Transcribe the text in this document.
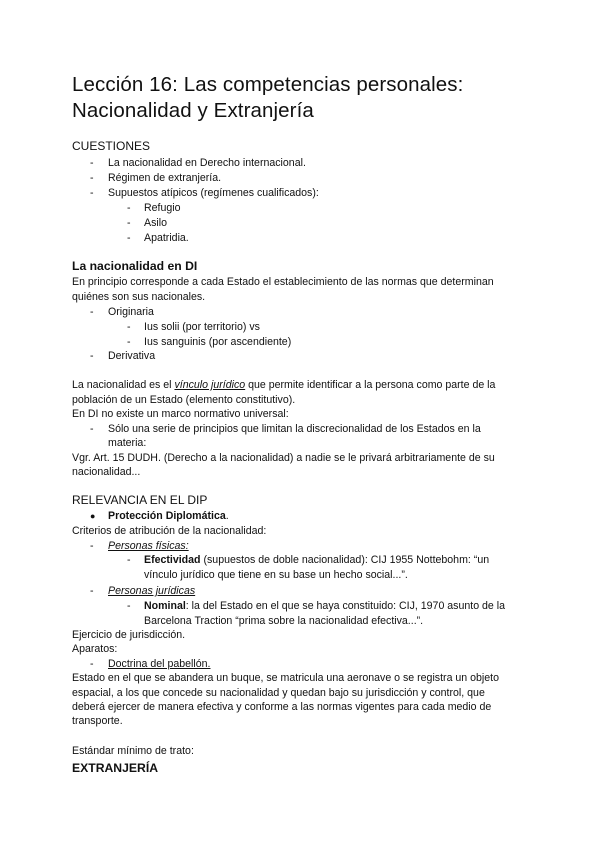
Lección 16: Las competencias personales:
Nacionalidad y Extranjería
CUESTIONES
- La nacionalidad en Derecho internacional.
- Régimen de extranjería.
- Supuestos atípicos (regímenes cualificados):
- Refugio
- Asilo
- Apatridia.
La nacionalidad en DI
En principio corresponde a cada Estado el establecimiento de las normas que determinan
quiénes son sus nacionales.
- Originaria
- Ius solii (por territorio) vs
- Ius sanguinis (por ascendiente)
- Derivativa
La nacionalidad es el vínculo jurídico que permite identificar a la persona como parte de la
población de un Estado (elemento constitutivo).
En DI no existe un marco normativo universal:
- Sólo una serie de principios que limitan la discrecionalidad de los Estados en la
materia:
Vgr. Art. 15 DUDH. (Derecho a la nacionalidad) a nadie se le privará arbitrariamente de su
nacionalidad...
RELEVANCIA EN EL DIP
● Protección Diplomática.
Criterios de atribución de la nacionalidad:
- Personas físicas:
- Efectividad (supuestos de doble nacionalidad): CIJ 1955 Nottebohm: “un
vínculo jurídico que tiene en su base un hecho social...”.
- Personas jurídicas
- Nominal: la del Estado en el que se haya constituido: CIJ, 1970 asunto de la
Barcelona Traction “prima sobre la nacionalidad efectiva...”.
Ejercicio de jurisdicción.
Aparatos:
- Doctrina del pabellón.
Estado en el que se abandera un buque, se matricula una aeronave o se registra un objeto
espacial, a los que concede su nacionalidad y quedan bajo su jurisdicción y control, que
deberá ejercer de manera efectiva y conforme a las normas vigentes para cada medio de
transporte.
Estándar mínimo de trato:
EXTRANJERÍA
